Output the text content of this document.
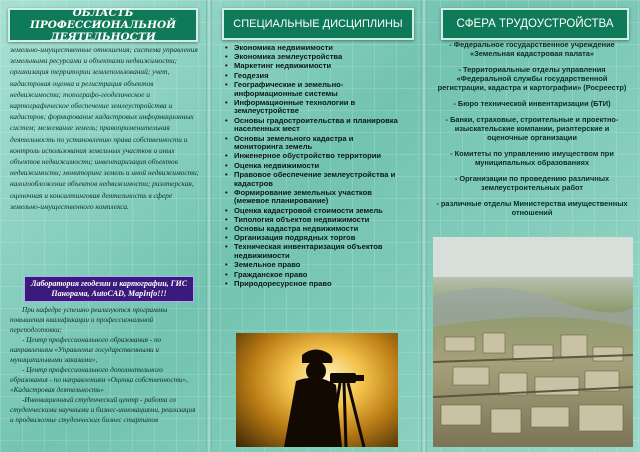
ОБЛАСТЬ ПРОФЕССИОНАЛЬНОЙ ДЕЯТЕЛЬНОСТИ
земельно-имущественные отношения; система управления земельными ресурсами и объектами недвижимости; организация территории землепользований; учет, кадастровая оценка и регистрация объектов недвижимости; топографо-геодезическое и картографическое обеспечение землеустройства и кадастров; формирование кадастровых информационных систем; межевание земель; правоприменительная деятельность по установлению права собственности и контроль использования земельных участков и иных объектов недвижимости; инвентаризация объектов недвижимости; мониторинг земель и иной недвижимости; налогообложение объектов недвижимости; риэлтерская, оценочная и консалтинговая деятельность в сфере земельно-имущественного комплекса.
Лаборатория геодезии и картографии, ГИС Панорама, AutoCAD, MapInfo!!!

При кафедре успешно реализуются программы повышения квалификации и профессиональной переподготовки:

- Центр профессионального образования - по направлениям «Управление государственными и муниципальными заказами»,

- Центр профессионального дополнительного образования - по направлениям «Оценка собственности», «Кадастровая деятельность»

-Инновационный студенческий центр - работа со студенческими научными и бизнес-инновациями, реализация и продвижение студенческих бизнес стартапов

СПЕЦИАЛЬНЫЕ ДИСЦИПЛИНЫ
• Экономика недвижимости
• Экономика землеустройства
• Маркетинг недвижимости
• Геодезия
• Географические и земельно-информационные системы
• Информационные технологии в землеустройстве
• Основы градостроительства и планировка населенных мест
• Основы земельного кадастра и мониторинга земель
• Инженерное обустройство территории
• Оценка недвижимости
• Правовое обеспечение землеустройства и кадастров
• Формирование земельных участков (межевое планирование)
• Оценка кадастровой стоимости земель
• Типология объектов недвижимости
• Основы кадастра недвижимости
• Организация подрядных торгов
• Техническая инвентаризация объектов недвижимости
• Земельное право
• Гражданское право
• Природоресурсное право
СФЕРА ТРУДОУСТРОЙСТВА

- Федеральное государственное учреждение «Земельная кадастровая палата»

- Территориальные отделы управления «Федеральной службы государственной регистрации, кадастра и картографии» (Росреестр)

- Бюро технической инвентаризации (БТИ)

- Банки, страховые, строительные и проектно-изыскательские компании, риэлтерские и оценочные организации

- Комитеты по управлению имуществом при муниципальных образованиях

- Организации по проведению различных землеустроительных работ

- различные отделы Министерства имущественных отношений
